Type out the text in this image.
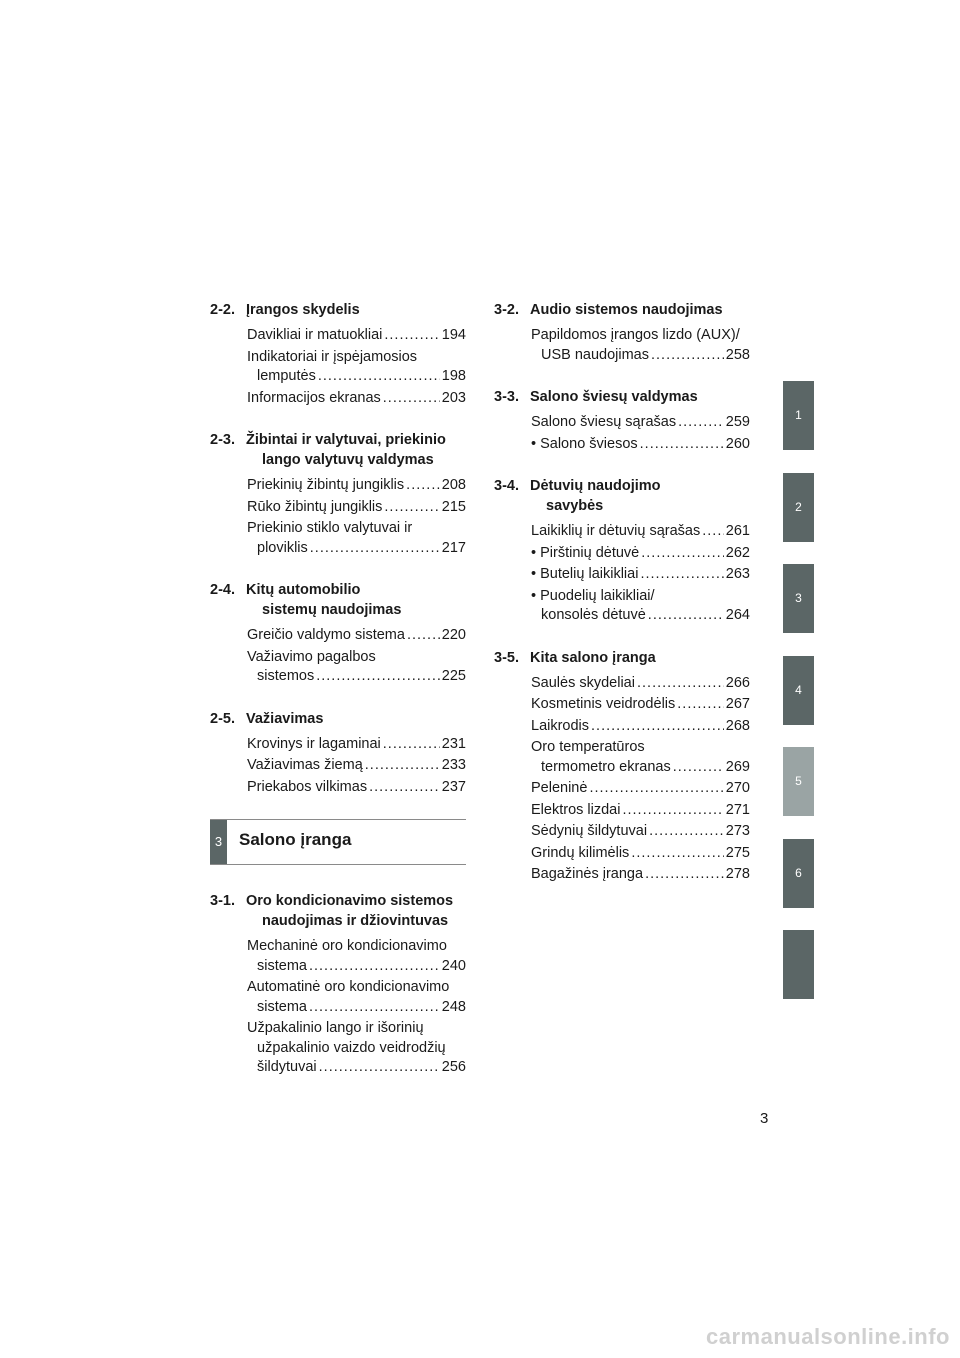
2-2. Įrangos skydelis
Davikliai ir matuokliai .....	194
Indikatoriai ir įspėjamosios
lemputės .....	198
Informacijos ekranas .....	203
2-3. Žibintai ir valytuvai, priekinio
lango valytuvų valdymas
Priekinių žibintų jungiklis .....	208
Rūko žibintų jungiklis .....	215
Priekinio stiklo valytuvai ir
ploviklis .....	217
2-4. Kitų automobilio
sistemų naudojimas
Greičio valdymo sistema .....	220
Važiavimo pagalbos
sistemos .....	225
2-5. Važiavimas
Krovinys ir lagaminai .....	231
Važiavimas žiemą .....	233
Priekabos vilkimas .....	237
3 Salono įranga
3-1. Oro kondicionavimo sistemos
naudojimas ir džiovintuvas
Mechaninė oro kondicionavimo
sistema .....	240
Automatinė oro kondicionavimo
sistema .....	248
Užpakalinio lango ir išorinių
užpakalinio vaizdo veidrodžių
šildytuvai .....	256
3-2. Audio sistemos naudojimas
Papildomos įrangos lizdo (AUX)/
USB naudojimas .....	258
3-3. Salono šviesų valdymas
Salono šviesų sąrašas .....	259
• Salono šviesos .....	260
3-4. Dėtuvių naudojimo
savybės
Laikiklių ir dėtuvių sąrašas ..... 261
• Pirštinių dėtuvė .....	262
• Butelių laikikliai .....	263
• Puodelių laikikliai/
konsolės dėtuvė .....	264
3-5. Kita salono įranga
Saulės skydeliai .....	266
Kosmetinis veidrodėlis .....	267
Laikrodis .....	268
Oro temperatūros
termometro ekranas .....	269
Peleninė .....	270
Elektros lizdai .....	271
Sėdynių šildytuvai .....	273
Grindų kilimėlis .....	275
Bagažinės įranga .....	278
1
2
3
4
5
6
3
carmanualsonline.info
